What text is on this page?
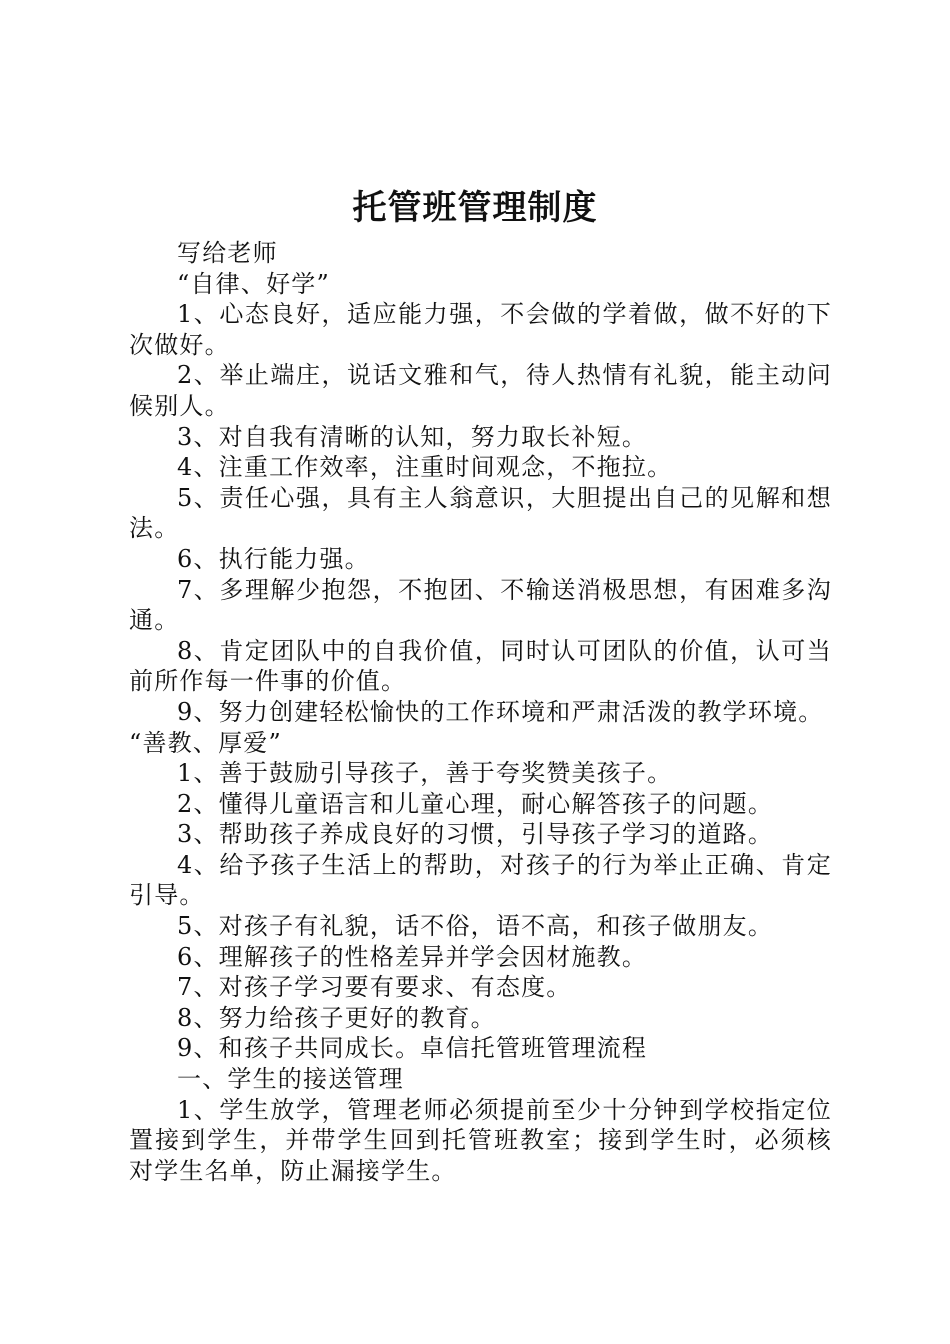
托管班管理制度

写给老师

“自律、好学”

1、心态良好，适应能力强，不会做的学着做，做不好的下次做好。

2、举止端庄，说话文雅和气，待人热情有礼貌，能主动问候别人。

3、对自我有清晰的认知，努力取长补短。

4、注重工作效率，注重时间观念，不拖拉。

5、责任心强，具有主人翁意识，大胆提出自己的见解和想法。

6、执行能力强。

7、多理解少抱怨，不抱团、不输送消极思想，有困难多沟通。

8、肯定团队中的自我价值，同时认可团队的价值，认可当前所作每一件事的价值。

9、努力创建轻松愉快的工作环境和严肃活泼的教学环境。

“善教、厚爱”

1、善于鼓励引导孩子，善于夸奖赞美孩子。

2、懂得儿童语言和儿童心理，耐心解答孩子的问题。

3、帮助孩子养成良好的习惯，引导孩子学习的道路。

4、给予孩子生活上的帮助，对孩子的行为举止正确、肯定引导。

5、对孩子有礼貌，话不俗，语不高，和孩子做朋友。

6、理解孩子的性格差异并学会因材施教。

7、对孩子学习要有要求、有态度。

8、努力给孩子更好的教育。

9、和孩子共同成长。卓信托管班管理流程

一、学生的接送管理

1、学生放学，管理老师必须提前至少十分钟到学校指定位置接到学生，并带学生回到托管班教室；接到学生时，必须核对学生名单，防止漏接学生。
